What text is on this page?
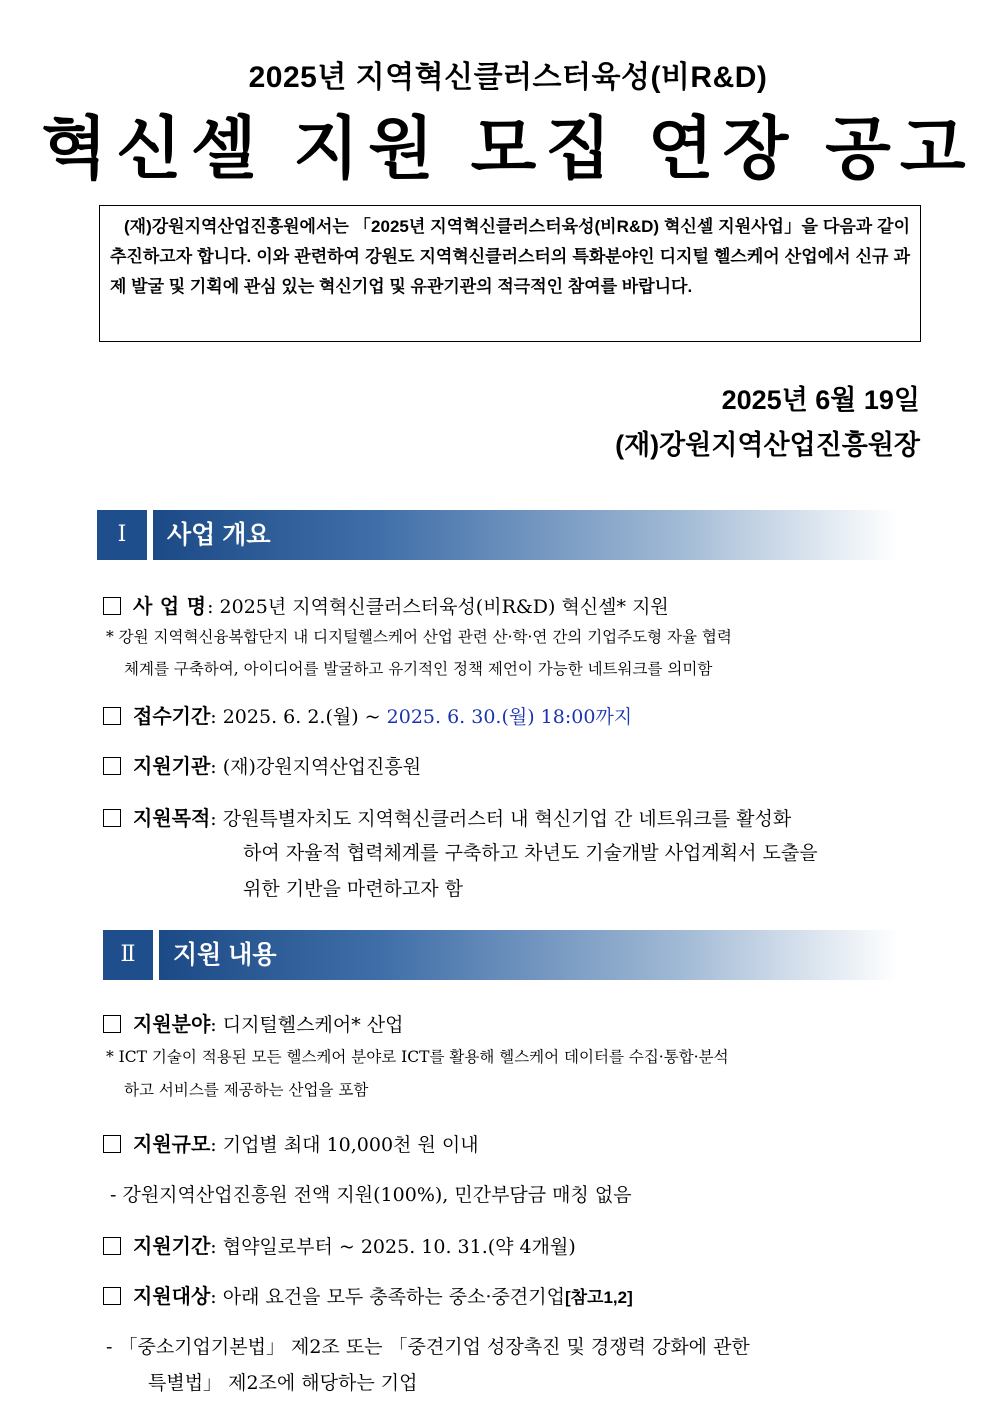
2025년 지역혁신클러스터육성(비R&D)
혁신셀 지원 모집 연장 공고

(재)강원지역산업진흥원에서는 「2025년 지역혁신클러스터육성(비R&D) 혁신셀 지원사업」을 다음과 같이 추진하고자 합니다. 이와 관련하여 강원도 지역혁신클러스터의 특화분야인 디지털 헬스케어 산업에서 신규 과제 발굴 및 기획에 관심 있는 혁신기업 및 유관기관의 적극적인 참여를 바랍니다.

2025년 6월 19일
(재)강원지역산업진흥원장
Ⅰ	사업 개요
사 업 명: 2025년 지역혁신클러스터육성(비R&D) 혁신셀* 지원
* 강원 지역혁신융복합단지 내 디지털헬스케어 산업 관련 산·학·연 간의 기업주도형 자율 협력
체계를 구축하여, 아이디어를 발굴하고 유기적인 정책 제언이 가능한 네트워크를 의미함
접수기간: 2025. 6. 2.(월) ~ 2025. 6. 30.(월) 18:00까지
지원기관: (재)강원지역산업진흥원
지원목적: 강원특별자치도 지역혁신클러스터 내 혁신기업 간 네트워크를 활성화
하여 자율적 협력체계를 구축하고 차년도 기술개발 사업계획서 도출을
위한 기반을 마련하고자 함
Ⅱ	지원 내용
지원분야: 디지털헬스케어* 산업
* ICT 기술이 적용된 모든 헬스케어 분야로 ICT를 활용해 헬스케어 데이터를 수집·통합·분석
하고 서비스를 제공하는 산업을 포함
지원규모: 기업별 최대 10,000천 원 이내
- 강원지역산업진흥원 전액 지원(100%), 민간부담금 매칭 없음
지원기간: 협약일로부터 ~ 2025. 10. 31.(약 4개월)
지원대상: 아래 요건을 모두 충족하는 중소·중견기업[참고1,2]
- 「중소기업기본법」 제2조 또는 「중견기업 성장촉진 및 경쟁력 강화에 관한
특별법」 제2조에 해당하는 기업
